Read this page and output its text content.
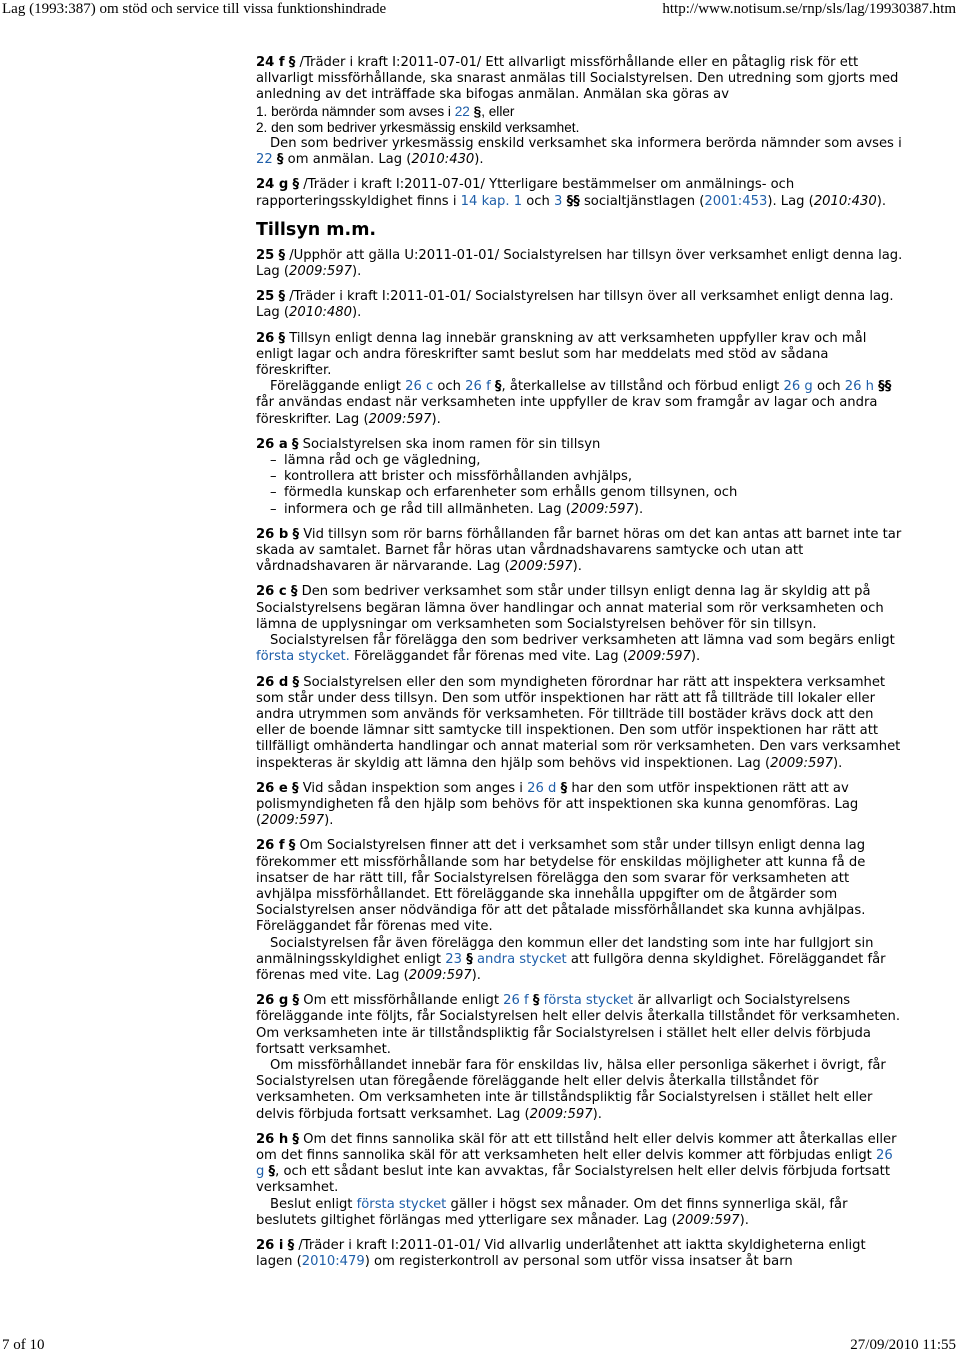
Lag (1993:387) om stöd och service till vissa funktionshindrade	http://www.notisum.se/rnp/sls/lag/19930387.htm

24 f § /Träder i kraft I:2011-07-01/ Ett allvarligt missförhållande eller en påtaglig risk för ett allvarligt missförhållande, ska snarast anmälas till Socialstyrelsen. Den utredning som gjorts med anledning av det inträffade ska bifogas anmälan. Anmälan ska göras av

1. berörda nämnder som avses i 22 §, eller

2. den som bedriver yrkesmässig enskild verksamhet.

Den som bedriver yrkesmässig enskild verksamhet ska informera berörda nämnder som avses i 22 § om anmälan. Lag (2010:430).

24 g § /Träder i kraft I:2011-07-01/ Ytterligare bestämmelser om anmälnings- och rapporteringsskyldighet finns i 14 kap. 1 och 3 §§ socialtjänstlagen (2001:453). Lag (2010:430).

Tillsyn m.m.

25 § /Upphör att gälla U:2011-01-01/ Socialstyrelsen har tillsyn över verksamhet enligt denna lag. Lag (2009:597).

25 § /Träder i kraft I:2011-01-01/ Socialstyrelsen har tillsyn över all verksamhet enligt denna lag. Lag (2010:480).

26 § Tillsyn enligt denna lag innebär granskning av att verksamheten uppfyller krav och mål enligt lagar och andra föreskrifter samt beslut som har meddelats med stöd av sådana föreskrifter.

Föreläggande enligt 26 c och 26 f §, återkallelse av tillstånd och förbud enligt 26 g och 26 h §§ får användas endast när verksamheten inte uppfyller de krav som framgår av lagar och andra föreskrifter. Lag (2009:597).

26 a § Socialstyrelsen ska inom ramen för sin tillsyn

– lämna råd och ge vägledning,
– kontrollera att brister och missförhållanden avhjälps,
– förmedla kunskap och erfarenheter som erhålls genom tillsynen, och
– informera och ge råd till allmänheten. Lag (2009:597).

26 b § Vid tillsyn som rör barns förhållanden får barnet höras om det kan antas att barnet inte tar skada av samtalet. Barnet får höras utan vårdnadshavarens samtycke och utan att vårdnadshavaren är närvarande. Lag (2009:597).

26 c § Den som bedriver verksamhet som står under tillsyn enligt denna lag är skyldig att på Socialstyrelsens begäran lämna över handlingar och annat material som rör verksamheten och lämna de upplysningar om verksamheten som Socialstyrelsen behöver för sin tillsyn.

Socialstyrelsen får förelägga den som bedriver verksamheten att lämna vad som begärs enligt första stycket. Föreläggandet får förenas med vite. Lag (2009:597).

26 d § Socialstyrelsen eller den som myndigheten förordnar har rätt att inspektera verksamhet som står under dess tillsyn. Den som utför inspektionen har rätt att få tillträde till lokaler eller andra utrymmen som används för verksamheten. För tillträde till bostäder krävs dock att den eller de boende lämnar sitt samtycke till inspektionen. Den som utför inspektionen har rätt att tillfälligt omhänderta handlingar och annat material som rör verksamheten. Den vars verksamhet inspekteras är skyldig att lämna den hjälp som behövs vid inspektionen. Lag (2009:597).

26 e § Vid sådan inspektion som anges i 26 d § har den som utför inspektionen rätt att av polismyndigheten få den hjälp som behövs för att inspektionen ska kunna genomföras. Lag (2009:597).

26 f § Om Socialstyrelsen finner att det i verksamhet som står under tillsyn enligt denna lag förekommer ett missförhållande som har betydelse för enskildas möjligheter att kunna få de insatser de har rätt till, får Socialstyrelsen förelägga den som svarar för verksamheten att avhjälpa missförhållandet. Ett föreläggande ska innehålla uppgifter om de åtgärder som Socialstyrelsen anser nödvändiga för att det påtalade missförhållandet ska kunna avhjälpas. Föreläggandet får förenas med vite.

Socialstyrelsen får även förelägga den kommun eller det landsting som inte har fullgjort sin anmälningsskyldighet enligt 23 § andra stycket att fullgöra denna skyldighet. Föreläggandet får förenas med vite. Lag (2009:597).

26 g § Om ett missförhållande enligt 26 f § första stycket är allvarligt och Socialstyrelsens föreläggande inte följts, får Socialstyrelsen helt eller delvis återkalla tillståndet för verksamheten. Om verksamheten inte är tillståndspliktig får Socialstyrelsen i stället helt eller delvis förbjuda fortsatt verksamhet.

Om missförhållandet innebär fara för enskildas liv, hälsa eller personliga säkerhet i övrigt, får Socialstyrelsen utan föregående föreläggande helt eller delvis återkalla tillståndet för verksamheten. Om verksamheten inte är tillståndspliktig får Socialstyrelsen i stället helt eller delvis förbjuda fortsatt verksamhet. Lag (2009:597).

26 h § Om det finns sannolika skäl för att ett tillstånd helt eller delvis kommer att återkallas eller om det finns sannolika skäl för att verksamheten helt eller delvis kommer att förbjudas enligt 26 g §, och ett sådant beslut inte kan avvaktas, får Socialstyrelsen helt eller delvis förbjuda fortsatt verksamhet.

Beslut enligt första stycket gäller i högst sex månader. Om det finns synnerliga skäl, får beslutets giltighet förlängas med ytterligare sex månader. Lag (2009:597).

26 i § /Träder i kraft I:2011-01-01/ Vid allvarlig underlåtenhet att iaktta skyldigheterna enligt lagen (2010:479) om registerkontroll av personal som utför vissa insatser åt barn

7 of 10	27/09/2010 11:55
